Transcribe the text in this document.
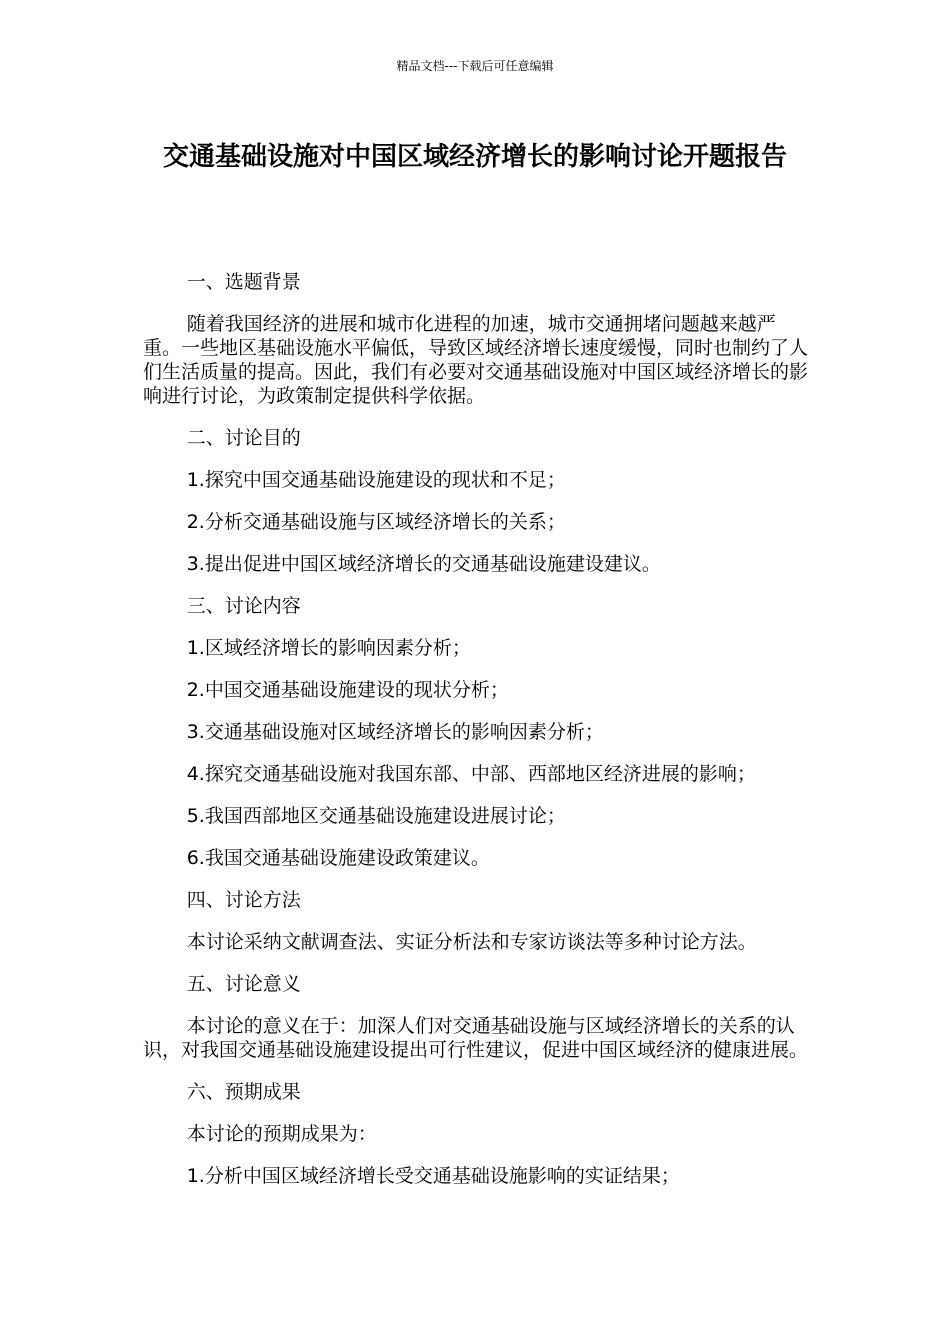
精品文档---下载后可任意编辑
交通基础设施对中国区域经济增长的影响讨论开题报告

一、选题背景

随着我国经济的进展和城市化进程的加速，城市交通拥堵问题越来越严重。一些地区基础设施水平偏低，导致区域经济增长速度缓慢，同时也制约了人们生活质量的提高。因此，我们有必要对交通基础设施对中国区域经济增长的影响进行讨论，为政策制定提供科学依据。

二、讨论目的

1.探究中国交通基础设施建设的现状和不足；

2.分析交通基础设施与区域经济增长的关系；

3.提出促进中国区域经济增长的交通基础设施建设建议。

三、讨论内容

1.区域经济增长的影响因素分析；

2.中国交通基础设施建设的现状分析；

3.交通基础设施对区域经济增长的影响因素分析；

4.探究交通基础设施对我国东部、中部、西部地区经济进展的影响；

5.我国西部地区交通基础设施建设进展讨论；

6.我国交通基础设施建设政策建议。

四、讨论方法

本讨论采纳文献调查法、实证分析法和专家访谈法等多种讨论方法。

五、讨论意义

本讨论的意义在于：加深人们对交通基础设施与区域经济增长的关系的认识，对我国交通基础设施建设提出可行性建议，促进中国区域经济的健康进展。

六、预期成果

本讨论的预期成果为：

1.分析中国区域经济增长受交通基础设施影响的实证结果；
